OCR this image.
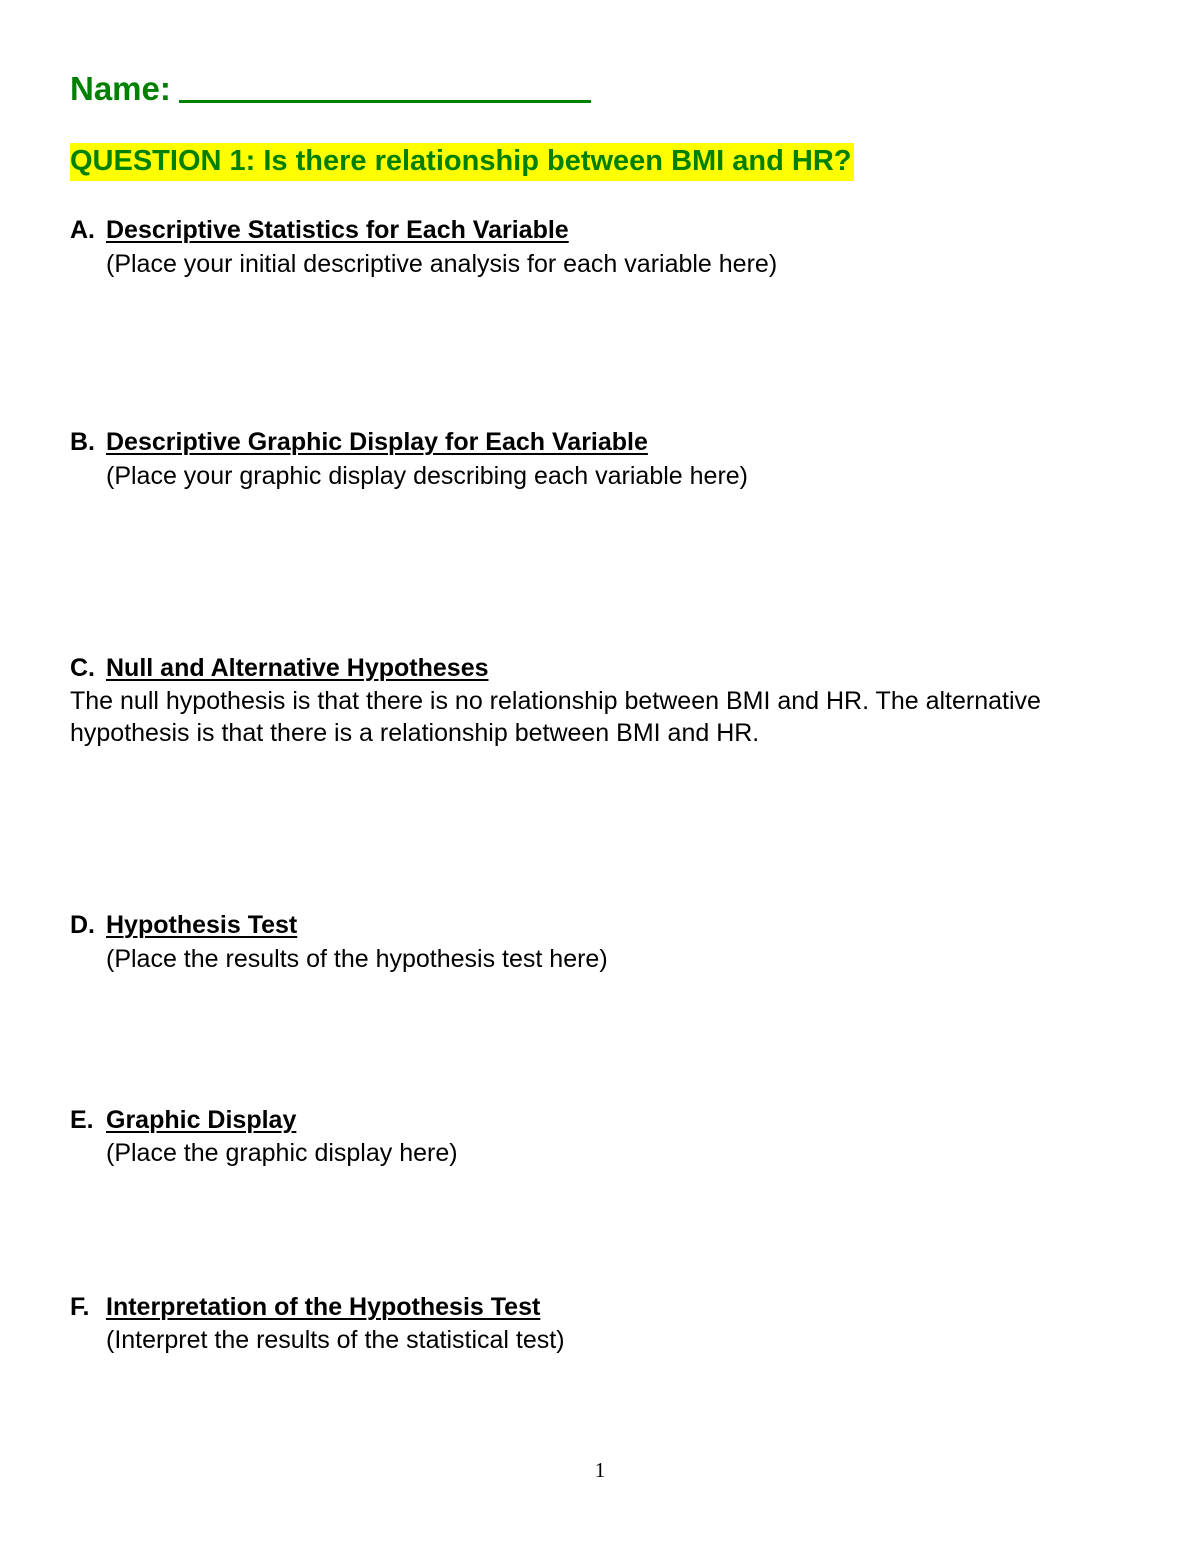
Name:
QUESTION 1: Is there relationship between BMI and HR?
A. Descriptive Statistics for Each Variable
(Place your initial descriptive analysis for each variable here)
B. Descriptive Graphic Display for Each Variable
(Place your graphic display describing each variable here)
C. Null and Alternative Hypotheses
The null hypothesis is that there is no relationship between BMI and HR. The alternative hypothesis is that there is a relationship between BMI and HR.
D. Hypothesis Test
(Place the results of the hypothesis test here)
E. Graphic Display
(Place the graphic display here)
F. Interpretation of the Hypothesis Test
(Interpret the results of the statistical test)
1
